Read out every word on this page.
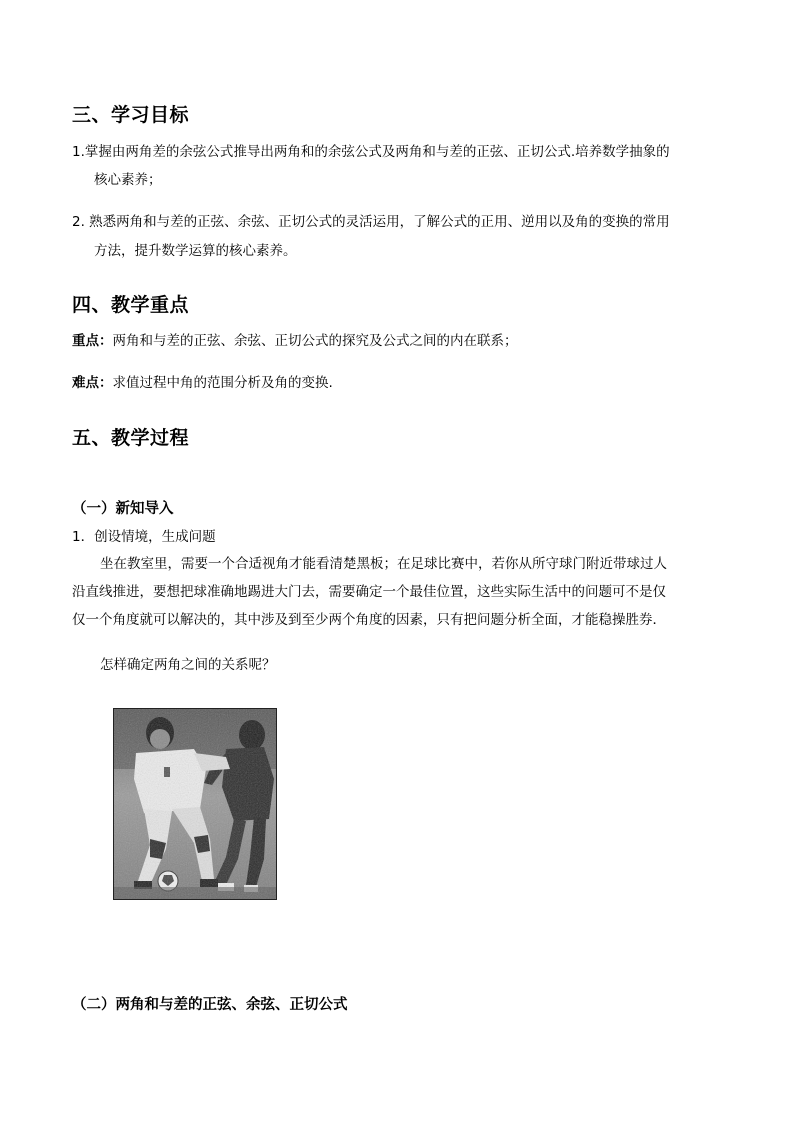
三、学习目标
1.掌握由两角差的余弦公式推导出两角和的余弦公式及两角和与差的正弦、正切公式.培养数学抽象的
核心素养；
2. 熟悉两角和与差的正弦、余弦、正切公式的灵活运用，了解公式的正用、逆用以及角的变换的常用
方法，提升数学运算的核心素养。
四、教学重点
重点：两角和与差的正弦、余弦、正切公式的探究及公式之间的内在联系；
难点：求值过程中角的范围分析及角的变换.
五、教学过程
（一）新知导入
1．创设情境，生成问题
坐在教室里，需要一个合适视角才能看清楚黑板；在足球比赛中，若你从所守球门附近带球过人
沿直线推进，要想把球准确地踢进大门去，需要确定一个最佳位置，这些实际生活中的问题可不是仅
仅一个角度就可以解决的，其中涉及到至少两个角度的因素，只有把问题分析全面，才能稳操胜券．
怎样确定两角之间的关系呢？
（二）两角和与差的正弦、余弦、正切公式
